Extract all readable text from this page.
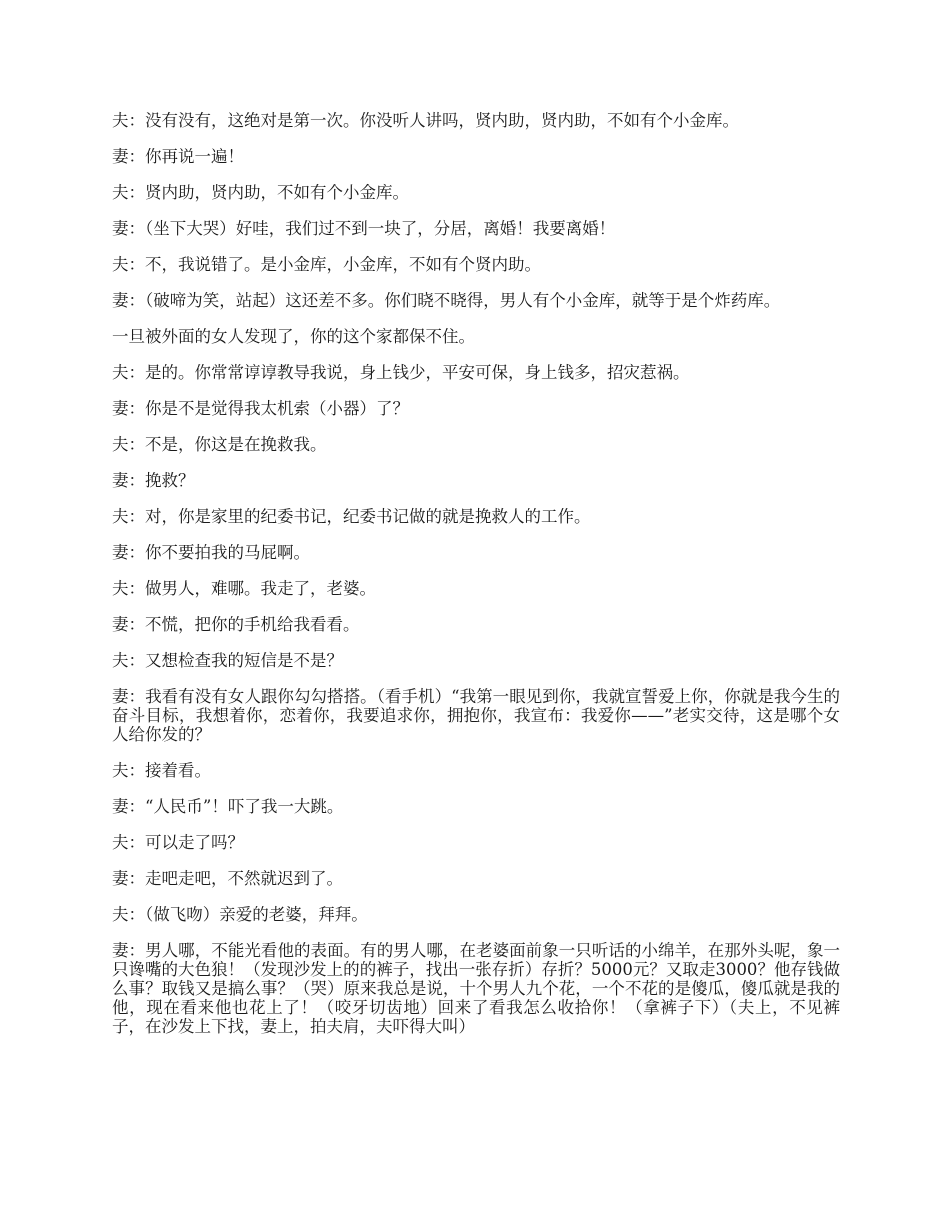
夫：没有没有，这绝对是第一次。你没听人讲吗，贤内助，贤内助，不如有个小金库。

妻：你再说一遍！

夫：贤内助，贤内助，不如有个小金库。

妻：（坐下大哭）好哇，我们过不到一块了，分居，离婚！我要离婚！

夫：不，我说错了。是小金库，小金库，不如有个贤内助。

妻：（破啼为笑，站起）这还差不多。你们晓不晓得，男人有个小金库，就等于是个炸药库。

一旦被外面的女人发现了，你的这个家都保不住。

夫：是的。你常常谆谆教导我说，身上钱少，平安可保，身上钱多，招灾惹祸。

妻：你是不是觉得我太机索（小器）了？

夫：不是，你这是在挽救我。

妻：挽救？

夫：对，你是家里的纪委书记，纪委书记做的就是挽救人的工作。

妻：你不要拍我的马屁啊。

夫：做男人，难哪。我走了，老婆。

妻：不慌，把你的手机给我看看。

夫：又想检查我的短信是不是？

妻：我看有没有女人跟你勾勾搭搭。（看手机）“我第一眼见到你，我就宣誓爱上你，你就是我今生的奋斗目标，我想着你，恋着你，我要追求你，拥抱你，我宣布：我爱你——”老实交待，这是哪个女人给你发的？

夫：接着看。

妻：“人民币”！吓了我一大跳。

夫：可以走了吗？

妻：走吧走吧，不然就迟到了。

夫：（做飞吻）亲爱的老婆，拜拜。

妻：男人哪，不能光看他的表面。有的男人哪，在老婆面前象一只听话的小绵羊，在那外头呢，象一只谗嘴的大色狼！（发现沙发上的的裤子，找出一张存折）存折？5000元？又取走3000？他存钱做么事？取钱又是搞么事？（哭）原来我总是说，十个男人九个花，一个不花的是傻瓜，傻瓜就是我的他，现在看来他也花上了！（咬牙切齿地）回来了看我怎么收拾你！（拿裤子下）（夫上，不见裤子，在沙发上下找，妻上，拍夫肩，夫吓得大叫）
